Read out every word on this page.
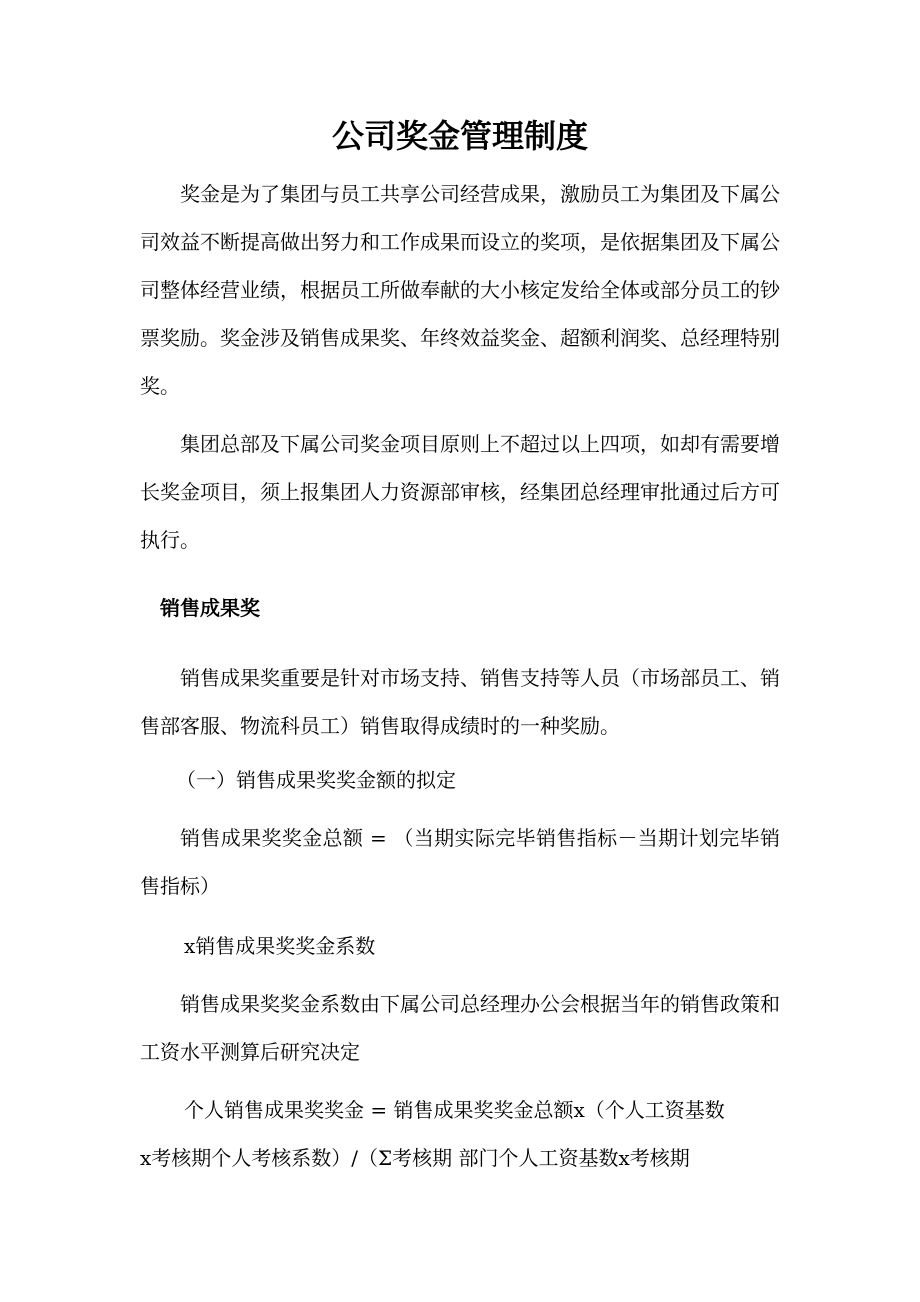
公司奖金管理制度

奖金是为了集团与员工共享公司经营成果，激励员工为集团及下属公司效益不断提高做出努力和工作成果而设立的奖项，是依据集团及下属公司整体经营业绩，根据员工所做奉献的大小核定发给全体或部分员工的钞票奖励。奖金涉及销售成果奖、年终效益奖金、超额利润奖、总经理特别奖。

集团总部及下属公司奖金项目原则上不超过以上四项，如却有需要增长奖金项目，须上报集团人力资源部审核，经集团总经理审批通过后方可执行。

销售成果奖

销售成果奖重要是针对市场支持、销售支持等人员（市场部员工、销售部客服、物流科员工）销售取得成绩时的一种奖励。

（一）销售成果奖奖金额的拟定

销售成果奖奖金总额 = （当期实际完毕销售指标－当期计划完毕销售指标）

x销售成果奖奖金系数

销售成果奖奖金系数由下属公司总经理办公会根据当年的销售政策和工资水平测算后研究决定

个人销售成果奖奖金 = 销售成果奖奖金总额x（个人工资基数

x考核期个人考核系数）/（Σ考核期 部门个人工资基数x考核期
